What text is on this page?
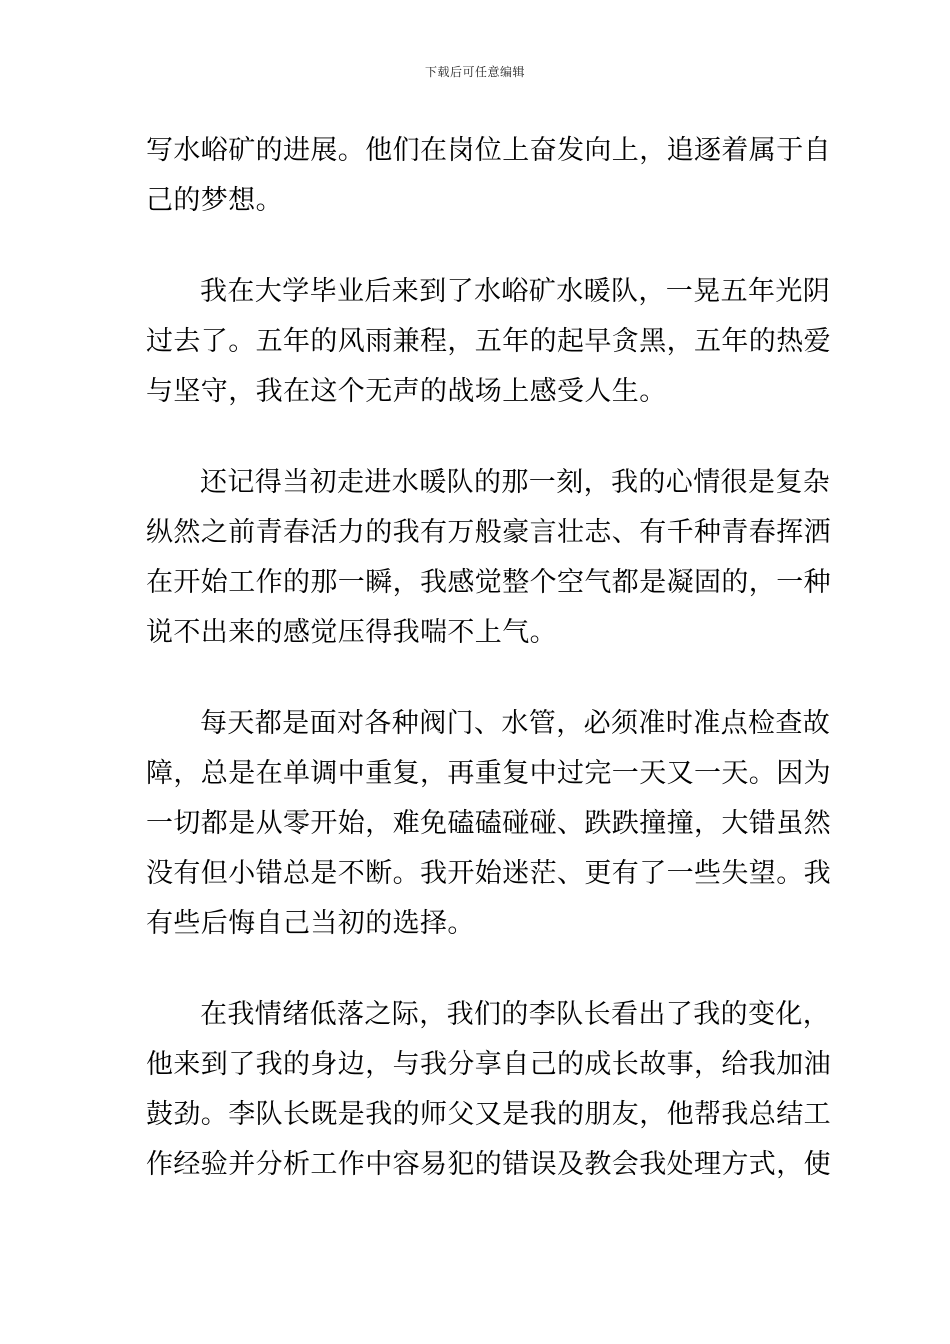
下载后可任意编辑
写水峪矿的进展。他们在岗位上奋发向上，追逐着属于自
己的梦想。
我在大学毕业后来到了水峪矿水暖队，一晃五年光阴
过去了。五年的风雨兼程，五年的起早贪黑，五年的热爱
与坚守，我在这个无声的战场上感受人生。
还记得当初走进水暖队的那一刻，我的心情很是复杂
纵然之前青春活力的我有万般豪言壮志、有千种青春挥洒
在开始工作的那一瞬，我感觉整个空气都是凝固的，一种
说不出来的感觉压得我喘不上气。
每天都是面对各种阀门、水管，必须准时准点检查故
障，总是在单调中重复，再重复中过完一天又一天。因为
一切都是从零开始，难免磕磕碰碰、跌跌撞撞，大错虽然
没有但小错总是不断。我开始迷茫、更有了一些失望。我
有些后悔自己当初的选择。
在我情绪低落之际，我们的李队长看出了我的变化，
他来到了我的身边，与我分享自己的成长故事，给我加油
鼓劲。李队长既是我的师父又是我的朋友，他帮我总结工
作经验并分析工作中容易犯的错误及教会我处理方式，使
